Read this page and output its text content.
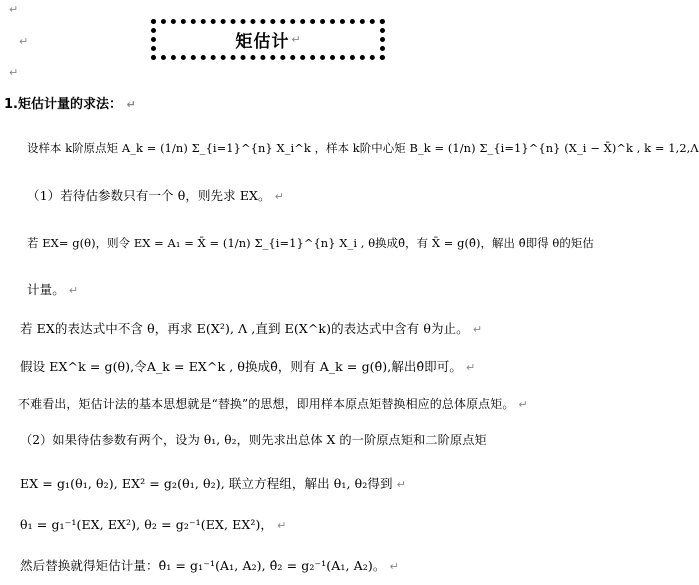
↵
↵
↵
矩估计 ↵
1.矩估计量的求法： ↵
设样本 k阶原点矩 A_k = (1/n) Σ_{i=1}^{n} X_i^k ，样本 k阶中心矩 B_k = (1/n) Σ_{i=1}^{n} (X_i − X̄)^k , k = 1,2,Λ
（1）若待估参数只有一个 θ，则先求 EX。 ↵
若 EX= g(θ)，则令 EX = A₁ = X̄ = (1/n) Σ_{i=1}^{n} X_i , θ换成θ̂，有 X̄ = g(θ̂)，解出 θ̂即得 θ的矩估
计量。 ↵
若 EX的表达式中不含 θ，再求 E(X²), Λ ,直到 E(X^k)的表达式中含有 θ为止。 ↵
假设 EX^k = g(θ),令A_k = EX^k , θ换成θ̂，则有 A_k = g(θ̂),解出θ̂即可。 ↵
不难看出，矩估计法的基本思想就是“替换”的思想，即用样本原点矩替换相应的总体原点矩。 ↵
（2）如果待估参数有两个，设为 θ₁, θ₂，则先求出总体 X 的一阶原点矩和二阶原点矩
EX = g₁(θ₁, θ₂), EX² = g₂(θ₁, θ₂), 联立方程组，解出 θ₁, θ₂得到 ↵
θ₁ = g₁⁻¹(EX, EX²), θ₂ = g₂⁻¹(EX, EX²)， ↵
然后替换就得矩估计量：θ̂₁ = g₁⁻¹(A₁, A₂), θ̂₂ = g₂⁻¹(A₁, A₂)。 ↵
